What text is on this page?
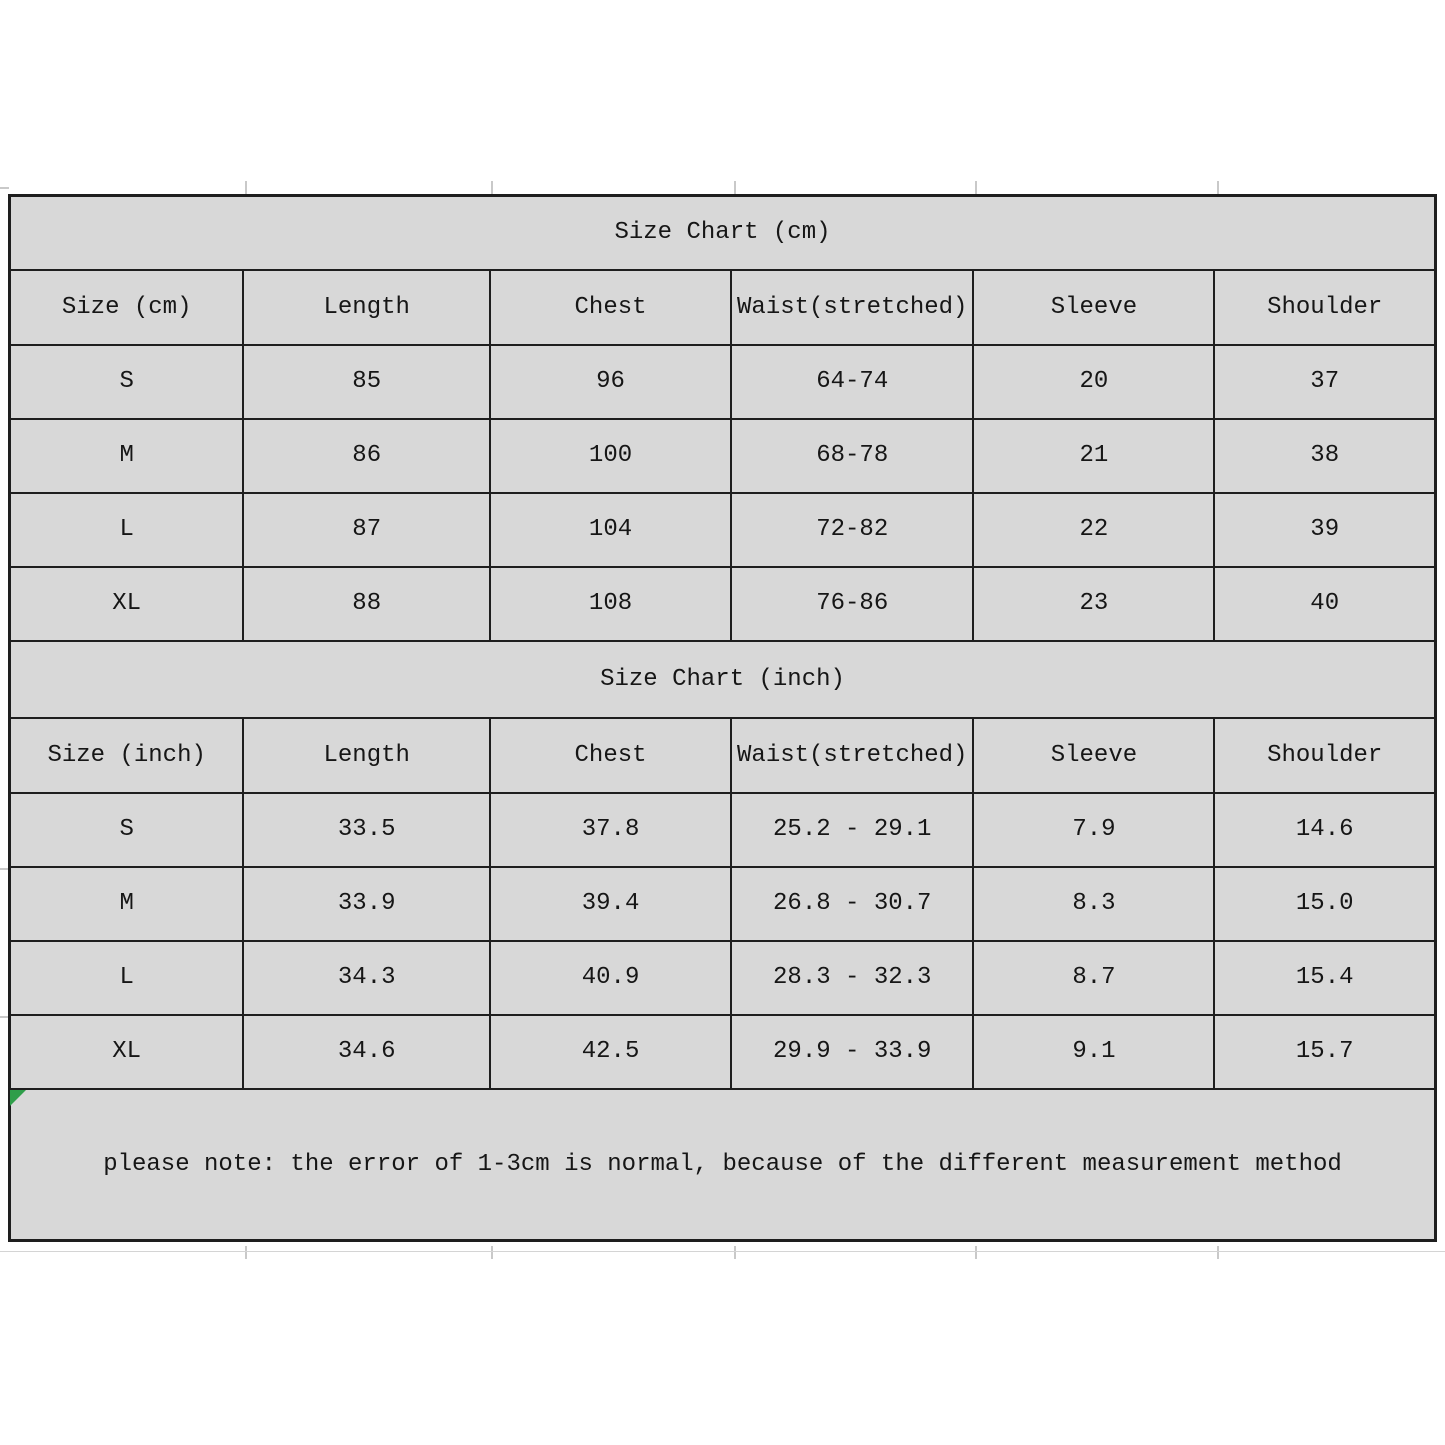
Size Chart (cm)					
Size (cm)	Length	Chest	Waist(stretched)	Sleeve	Shoulder
S	85	96	64-74	20	37
M	86	100	68-78	21	38
L	87	104	72-82	22	39
XL	88	108	76-86	23	40
Size Chart (inch)					
Size (inch)	Length	Chest	Waist(stretched)	Sleeve	Shoulder
S	33.5	37.8	25.2 - 29.1	7.9	14.6
M	33.9	39.4	26.8 - 30.7	8.3	15.0
L	34.3	40.9	28.3 - 32.3	8.7	15.4
XL	34.6	42.5	29.9 - 33.9	9.1	15.7
please note: the error of 1-3cm is normal, because of the different measurement method					
